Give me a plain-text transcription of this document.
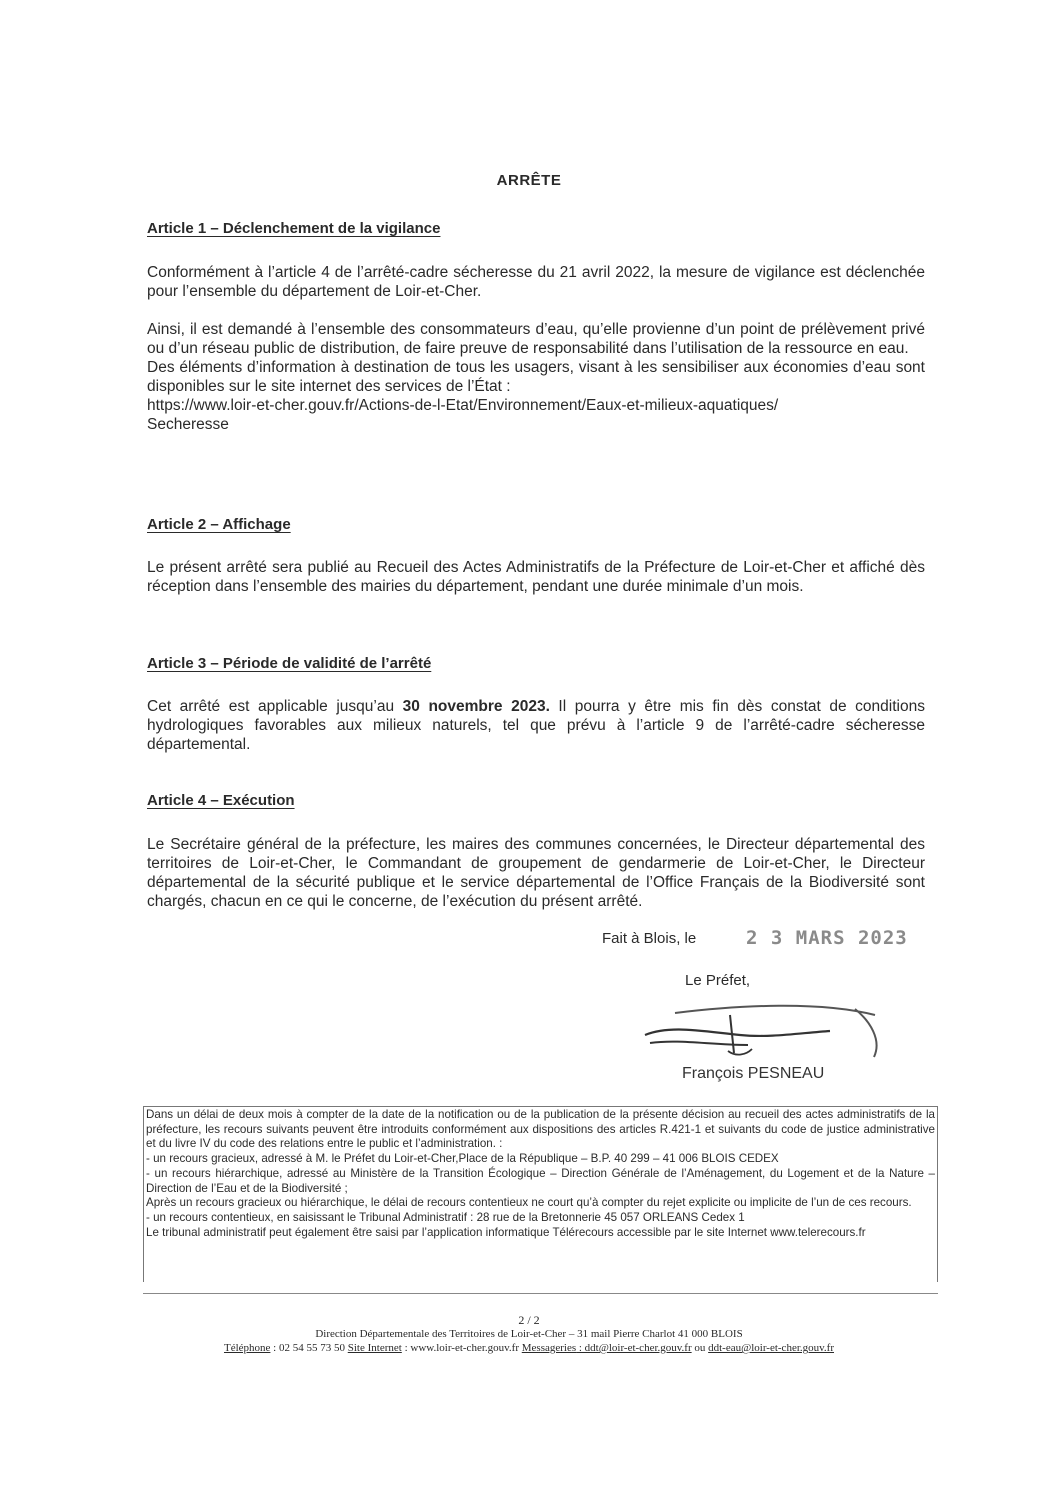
ARRÊTE
Article 1 – Déclenchement de la vigilance

Conformément à l’article 4 de l’arrêté-cadre sécheresse du 21 avril 2022, la mesure de vigilance est déclenchée pour l’ensemble du département de Loir-et-Cher.

Ainsi, il est demandé à l’ensemble des consommateurs d’eau, qu’elle provienne d’un point de prélèvement privé ou d’un réseau public de distribution, de faire preuve de responsabilité dans l’utilisation de la ressource en eau.

Des éléments d’information à destination de tous les usagers, visant à les sensibiliser aux économies d’eau sont disponibles sur le site internet des services de l’État :

https://www.loir-et-cher.gouv.fr/Actions-de-l-Etat/Environnement/Eaux-et-milieux-aquatiques/

Secheresse

Article 2 – Affichage

Le présent arrêté sera publié au Recueil des Actes Administratifs de la Préfecture de Loir-et-Cher et affiché dès réception dans l’ensemble des mairies du département, pendant une durée minimale d’un mois.

Article 3 – Période de validité de l’arrêté

Cet arrêté est applicable jusqu’au 30 novembre 2023. Il pourra y être mis fin dès constat de conditions hydrologiques favorables aux milieux naturels, tel que prévu à l’article 9 de l’arrêté-cadre sécheresse départemental.

Article 4 – Exécution

Le Secrétaire général de la préfecture, les maires des communes concernées, le Directeur départemental des territoires de Loir-et-Cher, le Commandant de groupement de gendarmerie de Loir-et-Cher, le Directeur départemental de la sécurité publique et le service départemental de l’Office Français de la Biodiversité sont chargés, chacun en ce qui le concerne, de l’exécution du présent arrêté.

Fait à Blois, le	2 3 MARS 2023
Le Préfet,
François PESNEAU

Dans un délai de deux mois à compter de la date de la notification ou de la publication de la présente décision au recueil des actes administratifs de la préfecture, les recours suivants peuvent être introduits conformément aux dispositions des articles R.421-1 et suivants du code de justice administrative et du livre IV du code des relations entre le public et l’administration. :

- un recours gracieux, adressé à M. le Préfet du Loir-et-Cher,Place de la République – B.P. 40 299 – 41 006 BLOIS CEDEX

- un recours hiérarchique, adressé au Ministère de la Transition Écologique – Direction Générale de l’Aménagement, du Logement et de la Nature – Direction de l’Eau et de la Biodiversité ;

Après un recours gracieux ou hiérarchique, le délai de recours contentieux ne court qu’à compter du rejet explicite ou implicite de l’un de ces recours.

- un recours contentieux, en saisissant le Tribunal Administratif : 28 rue de la Bretonnerie 45 057 ORLEANS Cedex 1

Le tribunal administratif peut également être saisi par l’application informatique Télérecours accessible par le site Internet www.telerecours.fr

2 / 2
Direction Départementale des Territoires de Loir-et-Cher – 31 mail Pierre Charlot 41 000 BLOIS
Téléphone : 02 54 55 73 50 Site Internet : www.loir-et-cher.gouv.fr Messageries : ddt@loir-et-cher.gouv.fr ou ddt-eau@loir-et-cher.gouv.fr
